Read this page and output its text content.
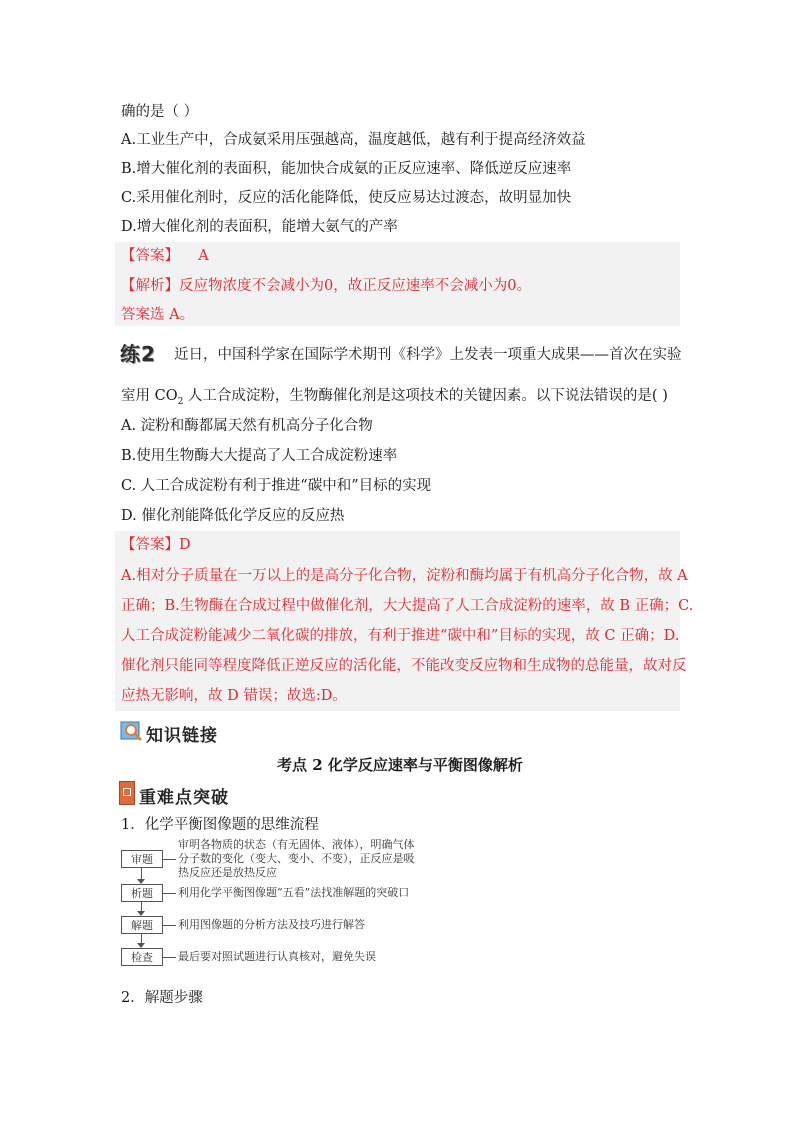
确的是（ ）
A.工业生产中，合成氨采用压强越高，温度越低，越有利于提高经济效益
B.增大催化剂的表面积，能加快合成氨的正反应速率、降低逆反应速率
C.采用催化剂时，反应的活化能降低，使反应易达过渡态，故明显加快
D.增大催化剂的表面积，能增大氨气的产率
【答案】 A
【解析】反应物浓度不会减小为0，故正反应速率不会减小为0。
答案选 A。
练2 近日，中国科学家在国际学术期刊《科学》上发表一项重大成果——首次在实验
室用 $CO_2$ 人工合成淀粉，生物酶催化剂是这项技术的关键因素。以下说法错误的是( )
A. 淀粉和酶都属天然有机高分子化合物
B.使用生物酶大大提高了人工合成淀粉速率
C. 人工合成淀粉有利于推进“碳中和”目标的实现
D. 催化剂能降低化学反应的反应热
【答案】D
A.相对分子质量在一万以上的是高分子化合物，淀粉和酶均属于有机高分子化合物，故 A
正确；B.生物酶在合成过程中做催化剂，大大提高了人工合成淀粉的速率，故 B 正确；C.
人工合成淀粉能减少二氧化碳的排放，有利于推进“碳中和”目标的实现，故 C 正确；D.
催化剂只能同等程度降低正逆反应的活化能，不能改变反应物和生成物的总能量，故对反
应热无影响，故 D 错误；故选:D。
知识链接
考点 2 化学反应速率与平衡图像解析
重难点突破
1．化学平衡图像题的思维流程
审题
审明各物质的状态（有无固体、液体），明确气体
分子数的变化（变大、变小、不变），正反应是吸
热反应还是放热反应
析题	利用化学平衡图像题“五看”法找准解题的突破口
解题	利用图像题的分析方法及技巧进行解答
检查	最后要对照试题进行认真核对，避免失误
2．解题步骤
